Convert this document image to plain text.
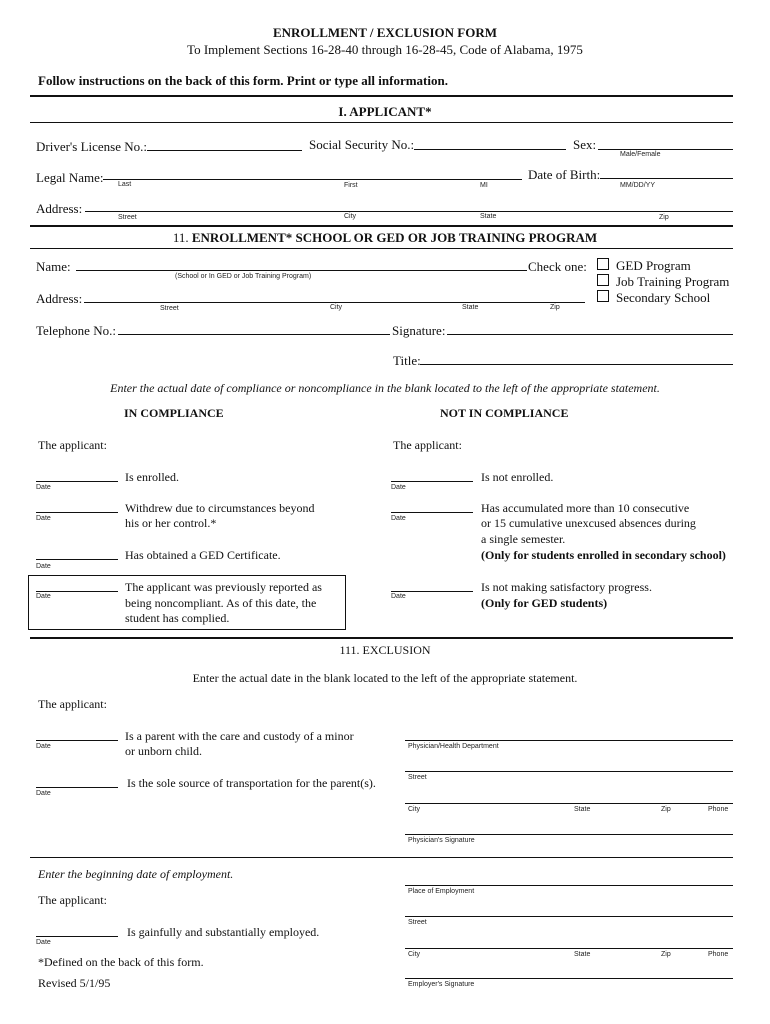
ENROLLMENT / EXCLUSION FORM
To Implement Sections 16-28-40 through 16-28-45, Code of Alabama, 1975
Follow instructions on the back of this form. Print or type all information.
I. APPLICANT*
Driver's License No.:	Social Security No.:	Sex:
Male/Female
Legal Name: Last	First	MI
Date of Birth:
MM/DD/YY
Address:
Street	City	State	Zip
11. ENROLLMENT* SCHOOL OR GED OR JOB TRAINING PROGRAM
Name:
(School or In GED or Job Training Program)
Check one: GED Program
Job Training Program
Secondary School
Address:
Street	City	State	Zip
Telephone No.:	Signature:
Title:
Enter the actual date of compliance or noncompliance in the blank located to the left of the appropriate statement.
IN COMPLIANCE	NOT IN COMPLIANCE
The applicant:	The applicant:
Date
Is enrolled.
Date
Withdrew due to circumstances beyond
his or her control.*
Date
Has obtained a GED Certificate.
Date
The applicant was previously reported as
being noncompliant. As of this date, the
student has complied.
Date
Is not enrolled.
Date
Has accumulated more than 10 consecutive
or 15 cumulative unexcused absences during
a single semester.
(Only for students enrolled in secondary school)
Date
Is not making satisfactory progress.
(Only for GED students)
111. EXCLUSION
Enter the actual date in the blank located to the left of the appropriate statement.
The applicant:
Date
Is a parent with the care and custody of a minor
or unborn child.
Date
Is the sole source of transportation for the parent(s).
Physician/Health Department
Street
City	State	Zip	Phone
Physician's Signature
Enter the beginning date of employment.
The applicant:
Date
Is gainfully and substantially employed.
Place of Employment
Street
City	State	Zip	Phone
Employer's Signature
*Defined on the back of this form.
Revised 5/1/95
